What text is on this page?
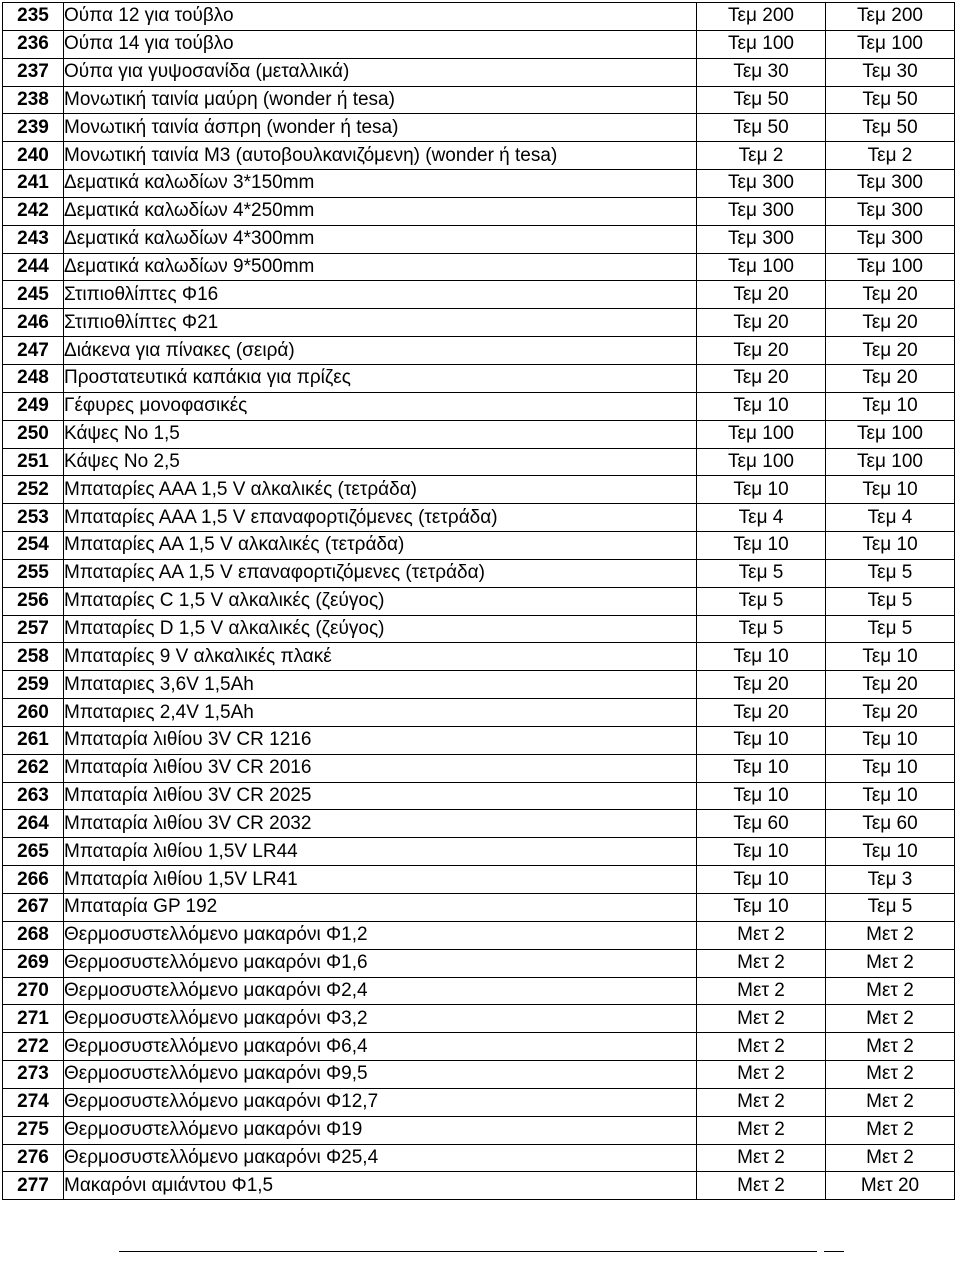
235	Ούπα 12 για τούβλο	Τεμ 200	Τεμ 200
236	Ούπα 14 για τούβλο	Τεμ 100	Τεμ 100
237	Ούπα για γυψοσανίδα (μεταλλικά)	Τεμ 30	Τεμ 30
238	Μονωτική ταινία μαύρη (wonder ή tesa)	Τεμ 50	Τεμ 50
239	Μονωτική ταινία άσπρη (wonder ή tesa)	Τεμ 50	Τεμ 50
240	Μονωτική ταινία Μ3 (αυτοβουλκανιζόμενη) (wonder ή tesa)	Τεμ 2	Τεμ 2
241	Δεματικά καλωδίων 3*150mm	Τεμ 300	Τεμ 300
242	Δεματικά καλωδίων 4*250mm	Τεμ 300	Τεμ 300
243	Δεματικά καλωδίων 4*300mm	Τεμ 300	Τεμ 300
244	Δεματικά καλωδίων 9*500mm	Τεμ 100	Τεμ 100
245	Στιπιοθλίπτες Φ16	Τεμ 20	Τεμ 20
246	Στιπιοθλίπτες Φ21	Τεμ 20	Τεμ 20
247	Διάκενα για πίνακες (σειρά)	Τεμ 20	Τεμ 20
248	Προστατευτικά καπάκια για πρίζες	Τεμ 20	Τεμ 20
249	Γέφυρες μονοφασικές	Τεμ 10	Τεμ 10
250	Κάψες Νο 1,5	Τεμ 100	Τεμ 100
251	Κάψες Νο 2,5	Τεμ 100	Τεμ 100
252	Μπαταρίες ΑΑΑ 1,5 V αλκαλικές (τετράδα)	Τεμ 10	Τεμ 10
253	Μπαταρίες ΑΑΑ 1,5 V επαναφορτιζόμενες (τετράδα)	Τεμ 4	Τεμ 4
254	Μπαταρίες ΑΑ 1,5 V αλκαλικές (τετράδα)	Τεμ 10	Τεμ 10
255	Μπαταρίες ΑΑ 1,5 V επαναφορτιζόμενες (τετράδα)	Τεμ 5	Τεμ 5
256	Μπαταρίες C 1,5 V αλκαλικές (ζεύγος)	Τεμ 5	Τεμ 5
257	Μπαταρίες D 1,5 V αλκαλικές (ζεύγος)	Τεμ 5	Τεμ 5
258	Μπαταρίες 9 V αλκαλικές πλακέ	Τεμ 10	Τεμ 10
259	Μπαταριες 3,6V 1,5Ah	Τεμ 20	Τεμ 20
260	Μπαταριες 2,4V 1,5Ah	Τεμ 20	Τεμ 20
261	Μπαταρία λιθίου 3V CR 1216	Τεμ 10	Τεμ 10
262	Μπαταρία λιθίου 3V CR 2016	Τεμ 10	Τεμ 10
263	Μπαταρία λιθίου 3V CR 2025	Τεμ 10	Τεμ 10
264	Μπαταρία λιθίου 3V CR 2032	Τεμ 60	Τεμ 60
265	Μπαταρία λιθίου 1,5V LR44	Τεμ 10	Τεμ 10
266	Μπαταρία λιθίου 1,5V LR41	Τεμ 10	Τεμ 3
267	Μπαταρία GP 192	Τεμ 10	Τεμ 5
268	Θερμοσυστελλόμενο μακαρόνι Φ1,2	Μετ 2	Μετ 2
269	Θερμοσυστελλόμενο μακαρόνι Φ1,6	Μετ 2	Μετ 2
270	Θερμοσυστελλόμενο μακαρόνι Φ2,4	Μετ 2	Μετ 2
271	Θερμοσυστελλόμενο μακαρόνι Φ3,2	Μετ 2	Μετ 2
272	Θερμοσυστελλόμενο μακαρόνι Φ6,4	Μετ 2	Μετ 2
273	Θερμοσυστελλόμενο μακαρόνι Φ9,5	Μετ 2	Μετ 2
274	Θερμοσυστελλόμενο μακαρόνι Φ12,7	Μετ 2	Μετ 2
275	Θερμοσυστελλόμενο μακαρόνι Φ19	Μετ 2	Μετ 2
276	Θερμοσυστελλόμενο μακαρόνι Φ25,4	Μετ 2	Μετ 2
277	Μακαρόνι αμιάντου Φ1,5	Μετ 2	Μετ 20
